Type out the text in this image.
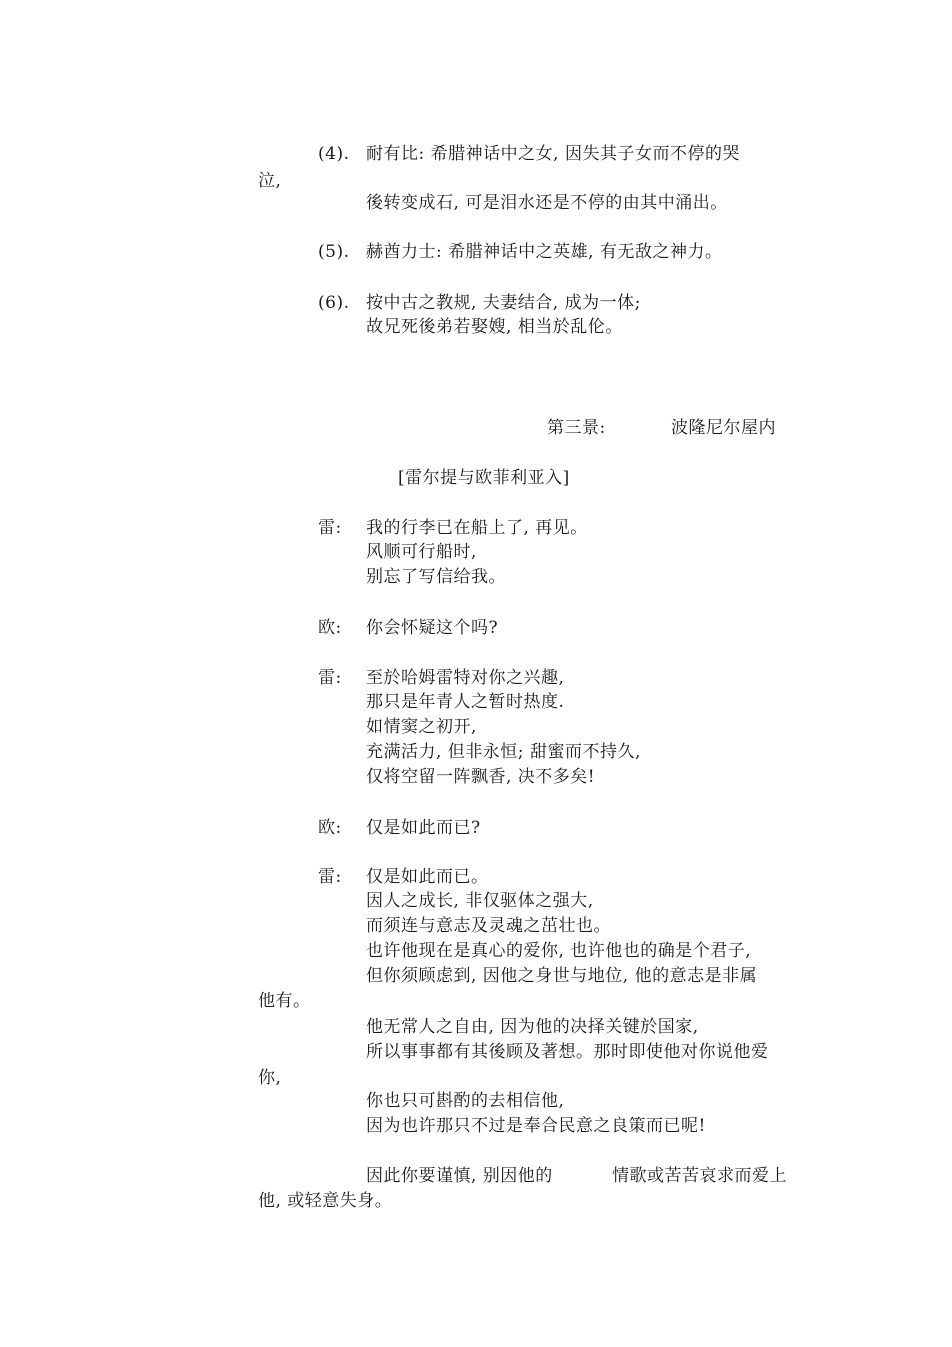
(4). 耐有比: 希腊神话中之女, 因失其子女而不停的哭
泣,
後转变成石, 可是泪水还是不停的由其中涌出。
(5). 赫酋力士: 希腊神话中之英雄, 有无敌之神力。
(6). 按中古之教规, 夫妻结合, 成为一体;
故兄死後弟若娶嫂, 相当於乱伦。
第三景:	波隆尼尔屋内
[雷尔提与欧菲利亚入]
雷: 我的行李已在船上了, 再见。
风顺可行船时,
别忘了写信给我。
欧: 你会怀疑这个吗?
雷: 至於哈姆雷特对你之兴趣,
那只是年青人之暂时热度.
如情窦之初开,
充满活力, 但非永恒; 甜蜜而不持久,
仅将空留一阵飘香, 决不多矣!
欧: 仅是如此而已?
雷: 仅是如此而已。
因人之成长, 非仅驱体之强大,
而须连与意志及灵魂之茁壮也。
也许他现在是真心的爱你, 也许他也的确是个君子,
但你须顾虑到, 因他之身世与地位, 他的意志是非属
他有。
他无常人之自由, 因为他的决择关键於国家,
所以事事都有其後顾及著想。那时即使他对你说他爱
你,
你也只可斟酌的去相信他,
因为也许那只不过是奉合民意之良策而已呢!
因此你要谨慎, 别因他的	情歌或苦苦哀求而爱上
他, 或轻意失身。
